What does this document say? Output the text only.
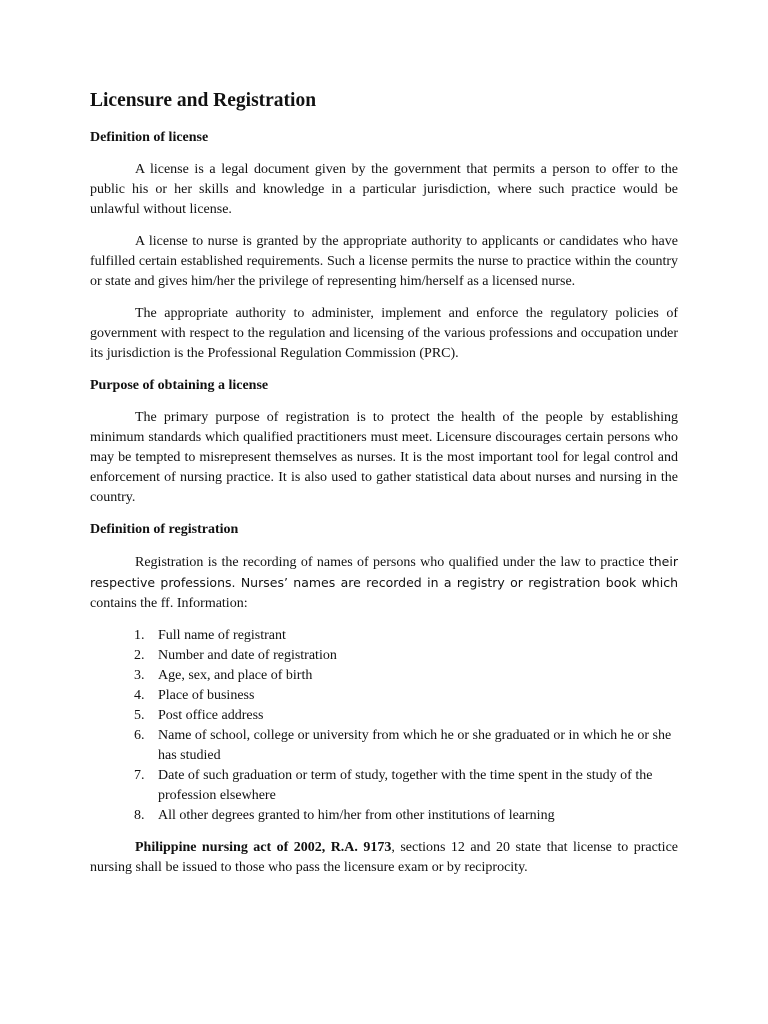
Licensure and Registration
Definition of license

A license is a legal document given by the government that permits a person to offer to the public his or her skills and knowledge in a particular jurisdiction, where such practice would be unlawful without license.

A license to nurse is granted by the appropriate authority to applicants or candidates who have fulfilled certain established requirements. Such a license permits the nurse to practice within the country or state and gives him/her the privilege of representing him/herself as a licensed nurse.

The appropriate authority to administer, implement and enforce the regulatory policies of government with respect to the regulation and licensing of the various professions and occupation under its jurisdiction is the Professional Regulation Commission (PRC).

Purpose of obtaining a license

The primary purpose of registration is to protect the health of the people by establishing minimum standards which qualified practitioners must meet. Licensure discourages certain persons who may be tempted to misrepresent themselves as nurses. It is the most important tool for legal control and enforcement of nursing practice. It is also used to gather statistical data about nurses and nursing in the country.

Definition of registration

Registration is the recording of names of persons who qualified under the law to practice their respective professions. Nurses’ names are recorded in a registry or registration book which contains the ff. Information:

1. Full name of registrant
2. Number and date of registration
3. Age, sex, and place of birth
4. Place of business
5. Post office address
6. Name of school, college or university from which he or she graduated or in which he or she has studied
7. Date of such graduation or term of study, together with the time spent in the study of the profession elsewhere
8. All other degrees granted to him/her from other institutions of learning

Philippine nursing act of 2002, R.A. 9173, sections 12 and 20 state that license to practice nursing shall be issued to those who pass the licensure exam or by reciprocity.
